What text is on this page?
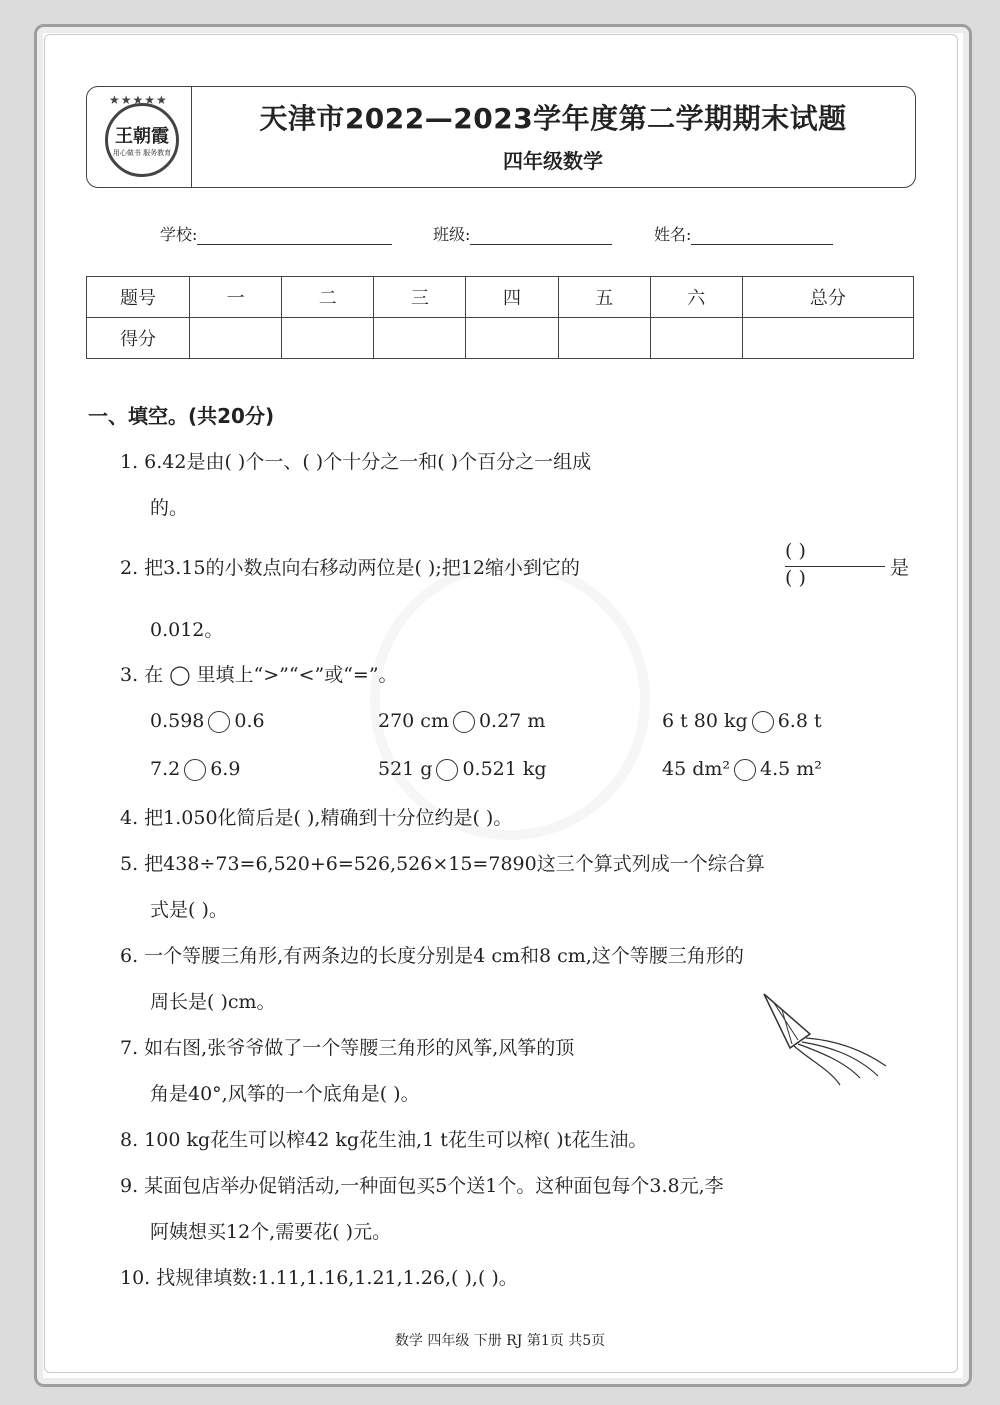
★★★★★
王朝霞
用心做书 服务教育
天津市2022—2023学年度第二学期期末试题
四年级数学
学校:	班级:	姓名:
题号	一	二	三	四	五	六	总分
得分							
一、填空。(共20分)
1. 6.42是由( )个一、( )个十分之一和( )个百分之一组成
的。
2. 把3.15的小数点向右移动两位是( );把12缩小到它的
( )
( )	是
0.012。
3. 在 ◯ 里填上“>”“<”或“=”。
0.598 0.6	270 cm 0.27 m	6 t 80 kg 6.8 t
7.2 6.9	521 g 0.521 kg	45 dm² 4.5 m²
4. 把1.050化简后是( ),精确到十分位约是( )。
5. 把438÷73=6,520+6=526,526×15=7890这三个算式列成一个综合算
式是( )。
6. 一个等腰三角形,有两条边的长度分别是4 cm和8 cm,这个等腰三角形的
周长是( )cm。
7. 如右图,张爷爷做了一个等腰三角形的风筝,风筝的顶
角是40°,风筝的一个底角是( )。
8. 100 kg花生可以榨42 kg花生油,1 t花生可以榨( )t花生油。
9. 某面包店举办促销活动,一种面包买5个送1个。这种面包每个3.8元,李
阿姨想买12个,需要花( )元。
10. 找规律填数:1.11,1.16,1.21,1.26,( ),( )。
数学 四年级 下册 RJ 第1页 共5页
